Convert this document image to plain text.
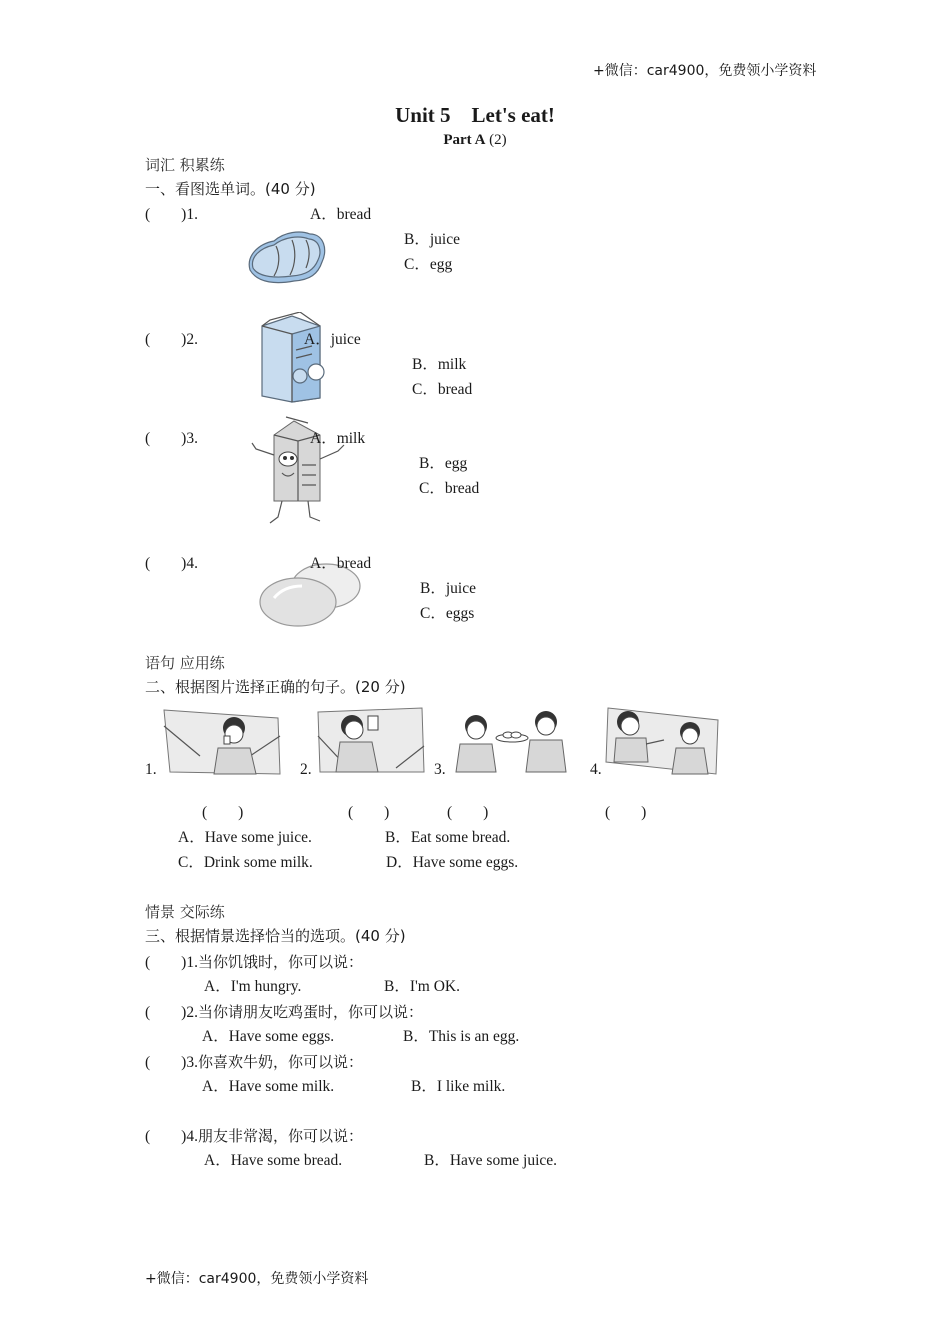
+微信：car4900，免费领小学资料
Unit 5　Let's eat!
Part A (2)
词汇 积累练
一、看图选单词。(40 分)
(　　)1.	A．bread
B．juice
C．egg
(　　)2.	A．juice
B．milk
C．bread
(　　)3.	A．milk
B．egg
C．bread
(　　)4.	A．bread
B．juice
C．eggs
语句 应用练
二、根据图片选择正确的句子。(20 分)
1.	2.	3.	4.
(　　)	(　　)	(　　)	(　　)
A．Have some juice.	B．Eat some bread.
C．Drink some milk.	D．Have some eggs.
情景 交际练
三、根据情景选择恰当的选项。(40 分)
(　　)1.当你饥饿时，你可以说：
A．I'm hungry.	B．I'm OK.
(　　)2.当你请朋友吃鸡蛋时，你可以说：
A．Have some eggs.	B．This is an egg.
(　　)3.你喜欢牛奶，你可以说：
A．Have some milk.	B．I like milk.
(　　)4.朋友非常渴，你可以说：
A．Have some bread.	B．Have some juice.
+微信：car4900，免费领小学资料
